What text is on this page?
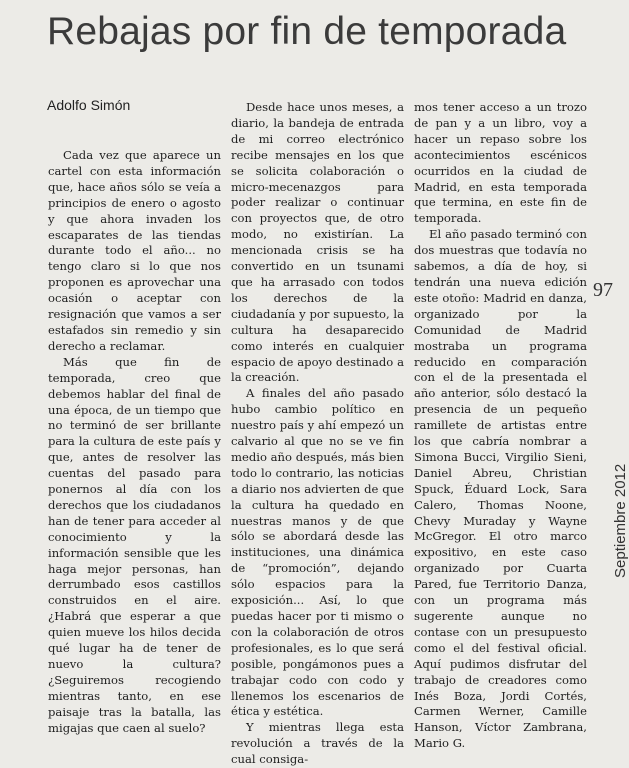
Rebajas por fin de temporada
Adolfo Simón

Cada vez que aparece un cartel con esta información que, hace años sólo se veía a principios de enero o agosto y que ahora invaden los escaparates de las tiendas durante todo el año... no tengo claro si lo que nos proponen es aprovechar una ocasión o aceptar con resignación que vamos a ser estafados sin remedio y sin derecho a reclamar.

Más que fin de temporada, creo que debemos hablar del final de una época, de un tiempo que no terminó de ser brillante para la cultura de este país y que, antes de resolver las cuentas del pasado para ponernos al día con los derechos que los ciudadanos han de tener para acceder al conocimiento y la información sensible que les haga mejor personas, han derrumbado esos castillos construidos en el aire. ¿Habrá que esperar a que quien mueve los hilos decida qué lugar ha de tener de nuevo la cultura? ¿Seguiremos recogiendo mientras tanto, en ese paisaje tras la batalla, las migajas que caen al suelo?

Desde hace unos meses, a diario, la bandeja de entrada de mi correo electrónico recibe mensajes en los que se solicita colaboración o micro-mecenazgos para poder realizar o continuar con proyectos que, de otro modo, no existirían. La mencionada crisis se ha convertido en un tsunami que ha arrasado con todos los derechos de la ciudadanía y por supuesto, la cultura ha desaparecido como interés en cualquier espacio de apoyo destinado a la creación.

A finales del año pasado hubo cambio político en nuestro país y ahí empezó un calvario al que no se ve fin medio año después, más bien todo lo contrario, las noticias a diario nos advierten de que la cultura ha quedado en nuestras manos y de que sólo se abordará desde las instituciones, una dinámica de “promoción”, dejando sólo espacios para la exposición... Así, lo que puedas hacer por ti mismo o con la colaboración de otros profesionales, es lo que será posible, pongámonos pues a trabajar codo con codo y llenemos los escenarios de ética y estética.

Y mientras llega esta revolución a través de la cual consiga-

mos tener acceso a un trozo de pan y a un libro, voy a hacer un repaso sobre los acontecimientos escénicos ocurridos en la ciudad de Madrid, en esta temporada que termina, en este fin de temporada.

El año pasado terminó con dos muestras que todavía no sabemos, a día de hoy, si tendrán una nueva edición este otoño: Madrid en danza, organizado por la Comunidad de Madrid mostraba un programa reducido en comparación con el de la presentada el año anterior, sólo destacó la presencia de un pequeño ramillete de artistas entre los que cabría nombrar a Simona Bucci, Virgilio Sieni, Daniel Abreu, Christian Spuck, Éduard Lock, Sara Calero, Thomas Noone, Chevy Muraday y Wayne McGregor. El otro marco expositivo, en este caso organizado por Cuarta Pared, fue Territorio Danza, con un programa más sugerente aunque no contase con un presupuesto como el del festival oficial. Aquí pudimos disfrutar del trabajo de creadores como Inés Boza, Jordi Cortés, Carmen Werner, Camille Hanson, Víctor Zambrana, Mario G.

97
Septiembre 2012
